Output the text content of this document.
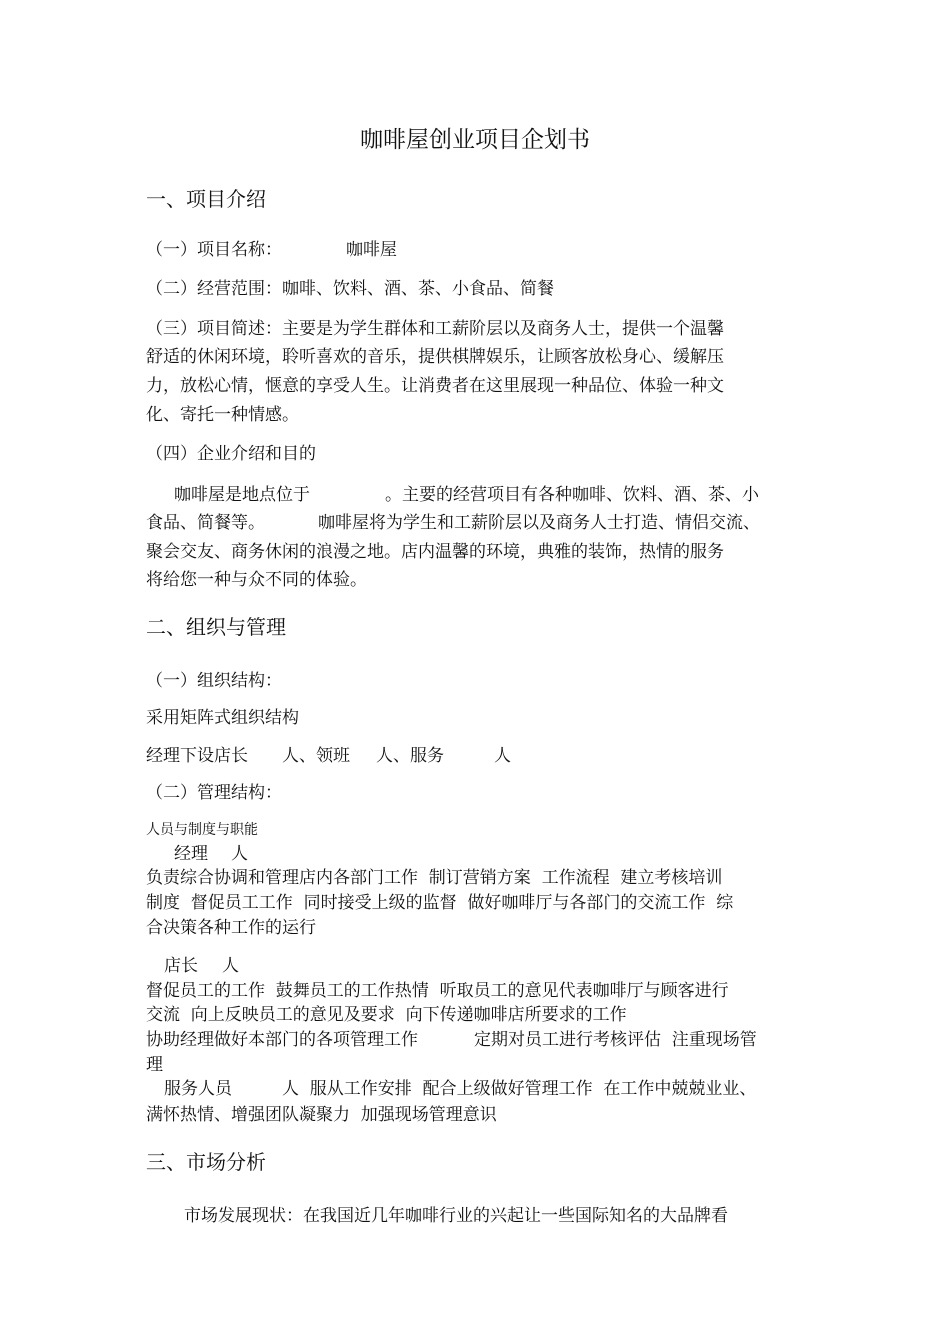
咖啡屋创业项目企划书
一、项目介绍
（一）项目名称：	咖啡屋
（二）经营范围：咖啡、饮料、酒、茶、小食品、简餐
（三）项目简述：主要是为学生群体和工薪阶层以及商务人士，提供一个温馨
舒适的休闲环境，聆听喜欢的音乐，提供棋牌娱乐，让顾客放松身心、缓解压
力，放松心情，惬意的享受人生。让消费者在这里展现一种品位、体验一种文
化、寄托一种情感。
（四）企业介绍和目的
咖啡屋是地点位于	。主要的经营项目有各种咖啡、饮料、酒、茶、小
食品、简餐等。	咖啡屋将为学生和工薪阶层以及商务人士打造、情侣交流、
聚会交友、商务休闲的浪漫之地。店内温馨的环境，典雅的装饰，热情的服务
将给您一种与众不同的体验。
二、组织与管理
（一）组织结构：
采用矩阵式组织结构
经理下设店长 人、领班 人、服务	人
（二）管理结构：
人员与制度与职能
经理 人
负责综合协调和管理店内各部门工作  制订营销方案  工作流程  建立考核培训
制度  督促员工工作  同时接受上级的监督  做好咖啡厅与各部门的交流工作  综
合决策各种工作的运行
店长 人
督促员工的工作  鼓舞员工的工作热情  听取员工的意见代表咖啡厅与顾客进行
交流  向上反映员工的意见及要求  向下传递咖啡店所要求的工作
协助经理做好本部门的各项管理工作	定期对员工进行考核评估  注重现场管
理
服务人员	人  服从工作安排  配合上级做好管理工作  在工作中兢兢业业、
满怀热情、增强团队凝聚力  加强现场管理意识
三、市场分析
市场发展现状：在我国近几年咖啡行业的兴起让一些国际知名的大品牌看
